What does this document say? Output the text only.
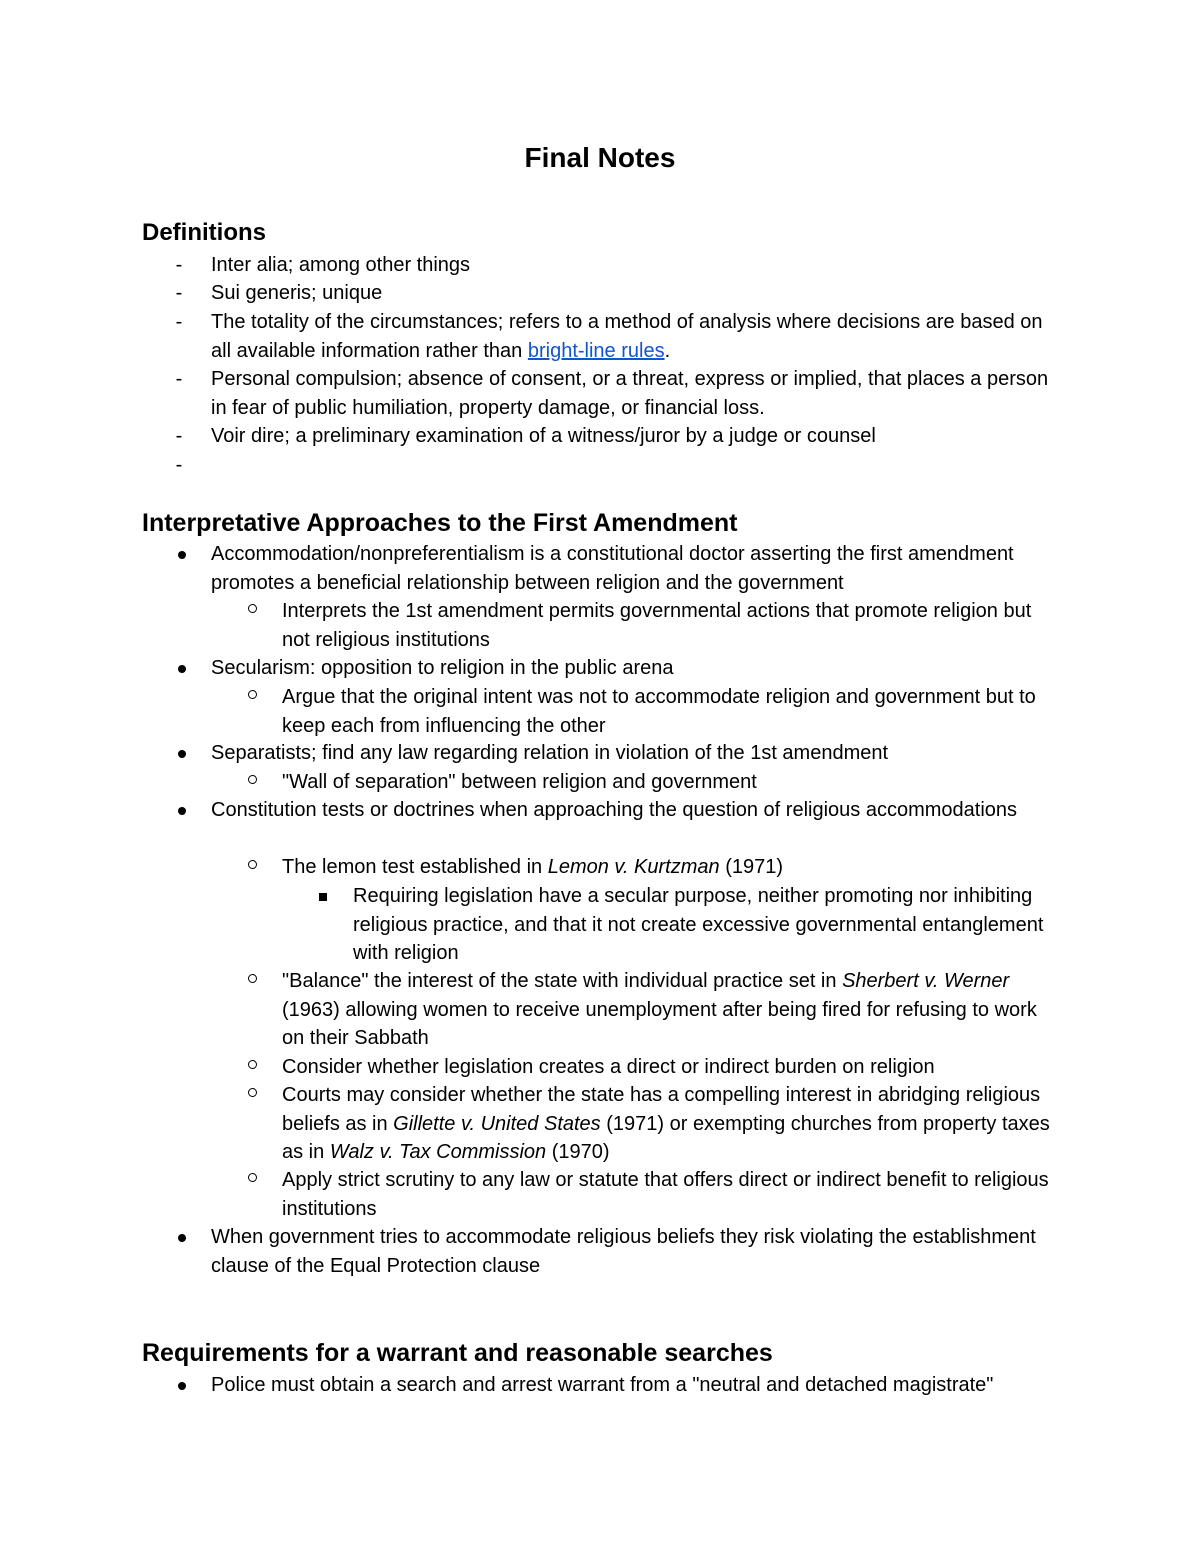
Final Notes
Definitions
-	Inter alia; among other things

-	Sui generis; unique

-	The totality of the circumstances; refers to a method of analysis where decisions are based on all available information rather than bright-line rules.

-	Personal compulsion; absence of consent, or a threat, express or implied, that places a person in fear of public humiliation, property damage, or financial loss.

-	Voir dire; a preliminary examination of a witness/juror by a judge or counsel

-
Interpretative Approaches to the First Amendment

Accommodation/nonpreferentialism is a constitutional doctor asserting the first amendment promotes a beneficial relationship between religion and the government

Interprets the 1st amendment permits governmental actions that promote religion but not religious institutions

Secularism: opposition to religion in the public arena

Argue that the original intent was not to accommodate religion and government but to keep each from influencing the other

Separatists; find any law regarding relation in violation of the 1st amendment

"Wall of separation" between religion and government

Constitution tests or doctrines when approaching the question of religious accommodations

The lemon test established in Lemon v. Kurtzman (1971)

Requiring legislation have a secular purpose, neither promoting nor inhibiting religious practice, and that it not create excessive governmental entanglement with religion

"Balance" the interest of the state with individual practice set in Sherbert v. Werner (1963) allowing women to receive unemployment after being fired for refusing to work on their Sabbath

Consider whether legislation creates a direct or indirect burden on religion

Courts may consider whether the state has a compelling interest in abridging religious beliefs as in Gillette v. United States (1971) or exempting churches from property taxes as in Walz v. Tax Commission (1970)

Apply strict scrutiny to any law or statute that offers direct or indirect benefit to religious institutions

When government tries to accommodate religious beliefs they risk violating the establishment clause of the Equal Protection clause

Requirements for a warrant and reasonable searches

Police must obtain a search and arrest warrant from a "neutral and detached magistrate"
